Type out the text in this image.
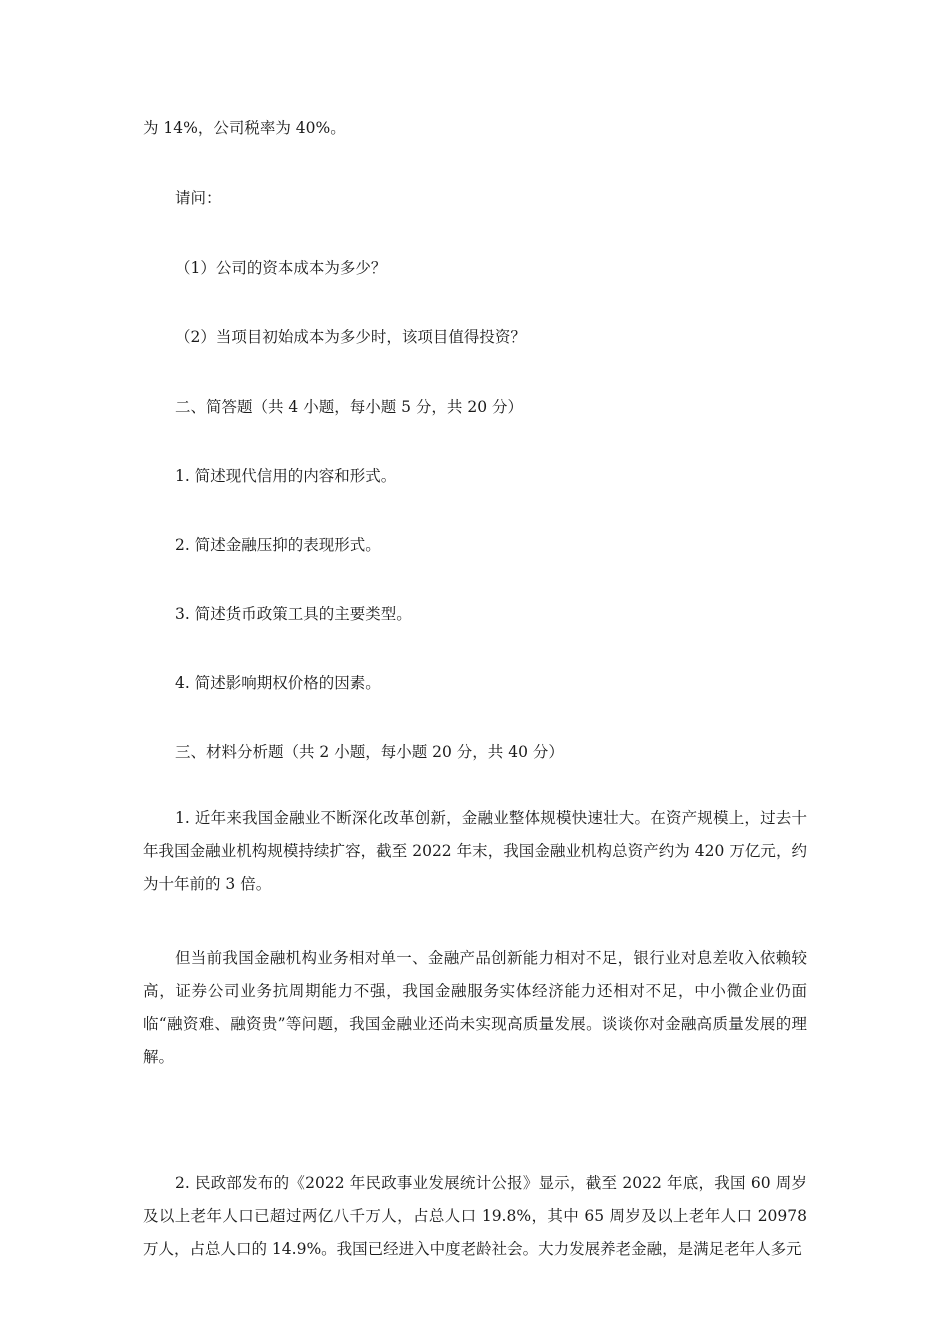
为 14%，公司税率为 40%。
请问：
（1）公司的资本成本为多少？
（2）当项目初始成本为多少时，该项目值得投资？
二、简答题（共 4 小题，每小题 5 分，共 20 分）
1. 简述现代信用的内容和形式。
2. 简述金融压抑的表现形式。
3. 简述货币政策工具的主要类型。
4. 简述影响期权价格的因素。
三、材料分析题（共 2 小题，每小题 20 分，共 40 分）
1. 近年来我国金融业不断深化改革创新，金融业整体规模快速壮大。在资产规模上，过去十年我国金融业机构规模持续扩容，截至 2022 年末，我国金融业机构总资产约为 420 万亿元，约为十年前的 3 倍。
但当前我国金融机构业务相对单一、金融产品创新能力相对不足，银行业对息差收入依赖较高，证券公司业务抗周期能力不强，我国金融服务实体经济能力还相对不足，中小微企业仍面临“融资难、融资贵”等问题，我国金融业还尚未实现高质量发展。谈谈你对金融高质量发展的理解。
2. 民政部发布的《2022 年民政事业发展统计公报》显示，截至 2022 年底，我国 60 周岁及以上老年人口已超过两亿八千万人，占总人口 19.8%，其中 65 周岁及以上老年人口 20978 万人，占总人口的 14.9%。我国已经进入中度老龄社会。大力发展养老金融，是满足老年人多元
